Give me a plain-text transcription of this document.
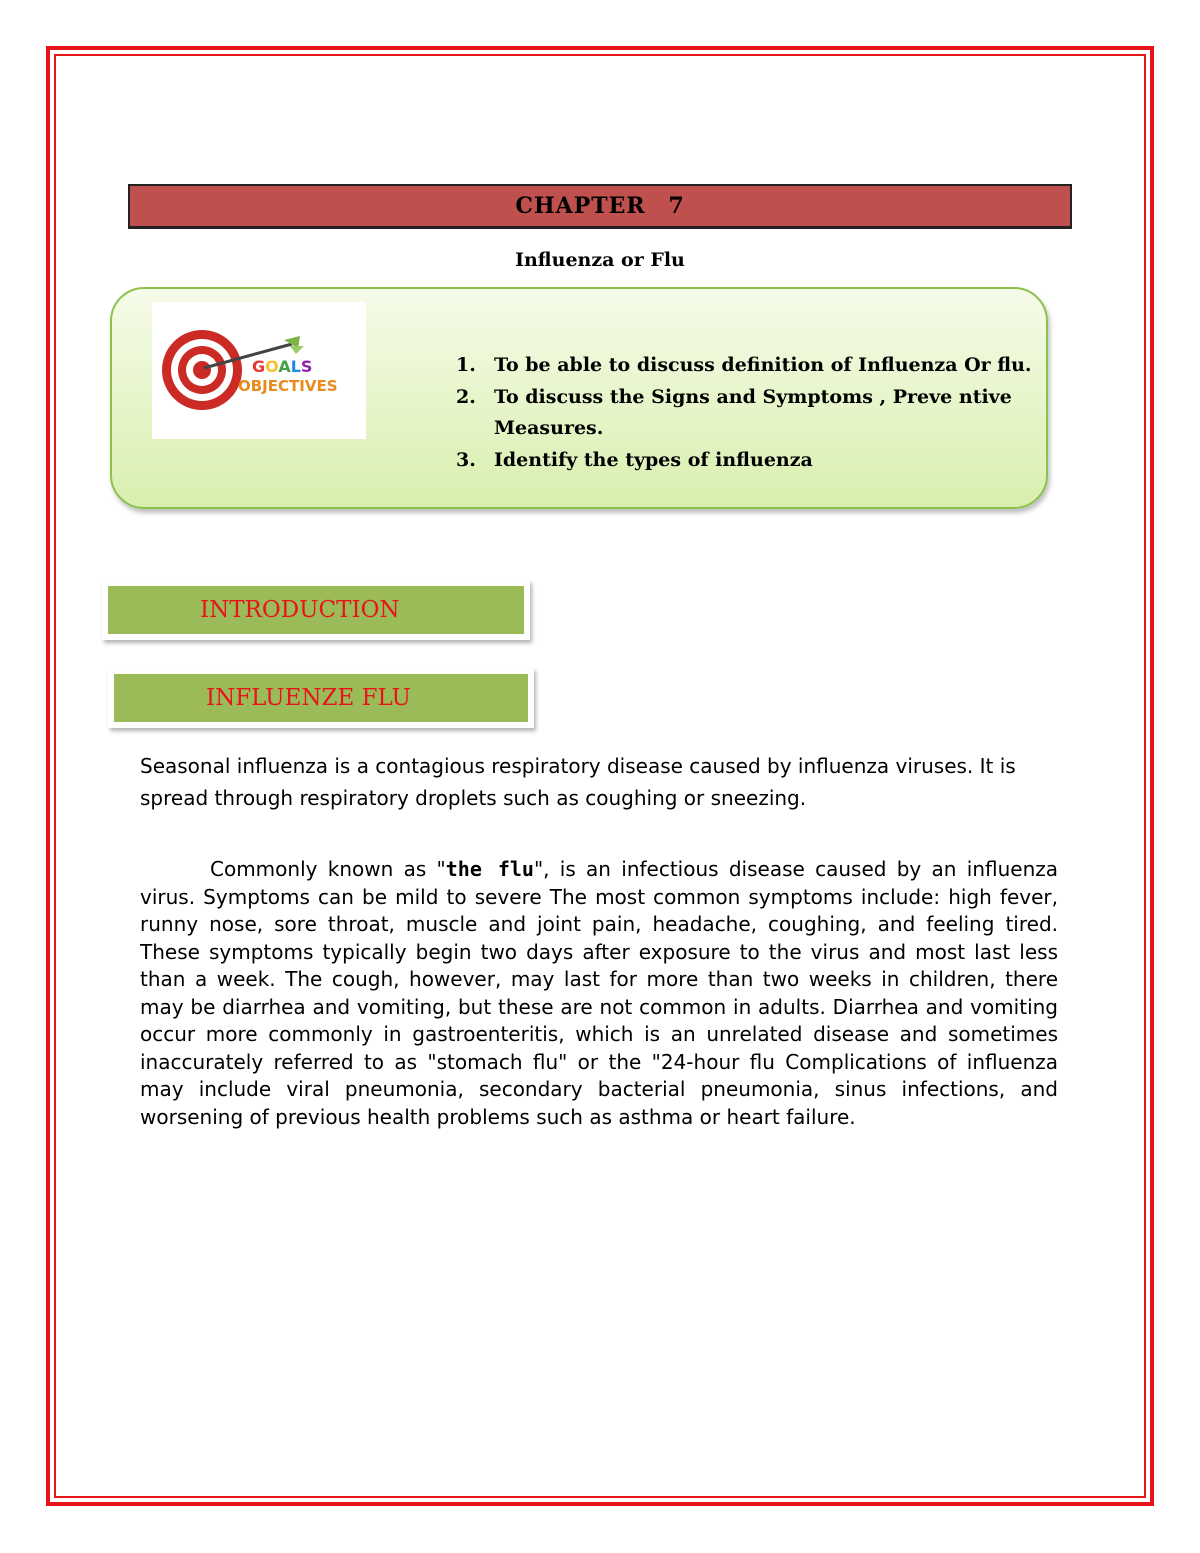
CHAPTER 7
Influenza or Flu
GOALS
OBJECTIVES
1. To be able to discuss definition of Influenza Or flu.
2. To discuss the Signs and Symptoms , Preve ntive Measures.
3. Identify the types of influenza
INTRODUCTION
INFLUENZE FLU

Seasonal influenza is a contagious respiratory disease caused by influenza viruses. It is spread through respiratory droplets such as coughing or sneezing.

Commonly known as "the flu", is an infectious disease caused by an influenza virus. Symptoms can be mild to severe The most common symptoms include: high fever, runny nose, sore throat, muscle and joint pain, headache, coughing, and feeling tired. These symptoms typically begin two days after exposure to the virus and most last less than a week. The cough, however, may last for more than two weeks in children, there may be diarrhea and vomiting, but these are not common in adults. Diarrhea and vomiting occur more commonly in gastroenteritis, which is an unrelated disease and sometimes inaccurately referred to as "stomach flu" or the "24-hour flu Complications of influenza may include viral pneumonia, secondary bacterial pneumonia, sinus infections, and worsening of previous health problems such as asthma or heart failure.
